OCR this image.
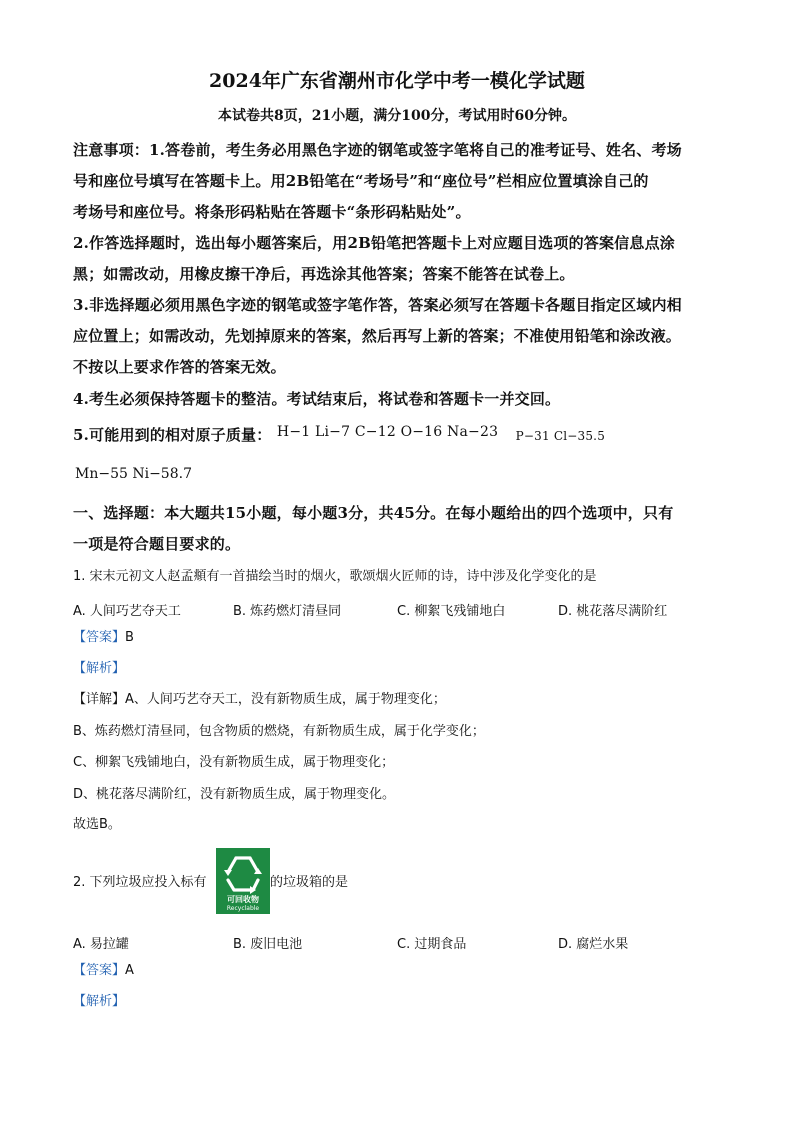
2024年广东省潮州市化学中考一模化学试题
本试卷共8页，21小题，满分100分，考试用时60分钟。
注意事项：1.答卷前，考生务必用黑色字迹的钢笔或签字笔将自己的准考证号、姓名、考场
号和座位号填写在答题卡上。用2B铅笔在“考场号”和“座位号”栏相应位置填涂自己的
考场号和座位号。将条形码粘贴在答题卡“条形码粘贴处”。
2.作答选择题时，选出每小题答案后，用2B铅笔把答题卡上对应题目选项的答案信息点涂
黑；如需改动，用橡皮擦干净后，再选涂其他答案；答案不能答在试卷上。
3.非选择题必须用黑色字迹的钢笔或签字笔作答，答案必须写在答题卡各题目指定区域内相
应位置上；如需改动，先划掉原来的答案，然后再写上新的答案；不准使用铅笔和涂改液。
不按以上要求作答的答案无效。
4.考生必须保持答题卡的整洁。考试结束后，将试卷和答题卡一并交回。
5.可能用到的相对原子质量： H−1 Li−7 C−12 O−16 Na−23 P−31 Cl−35.5
Mn−55 Ni−58.7
一、选择题：本大题共15小题，每小题3分，共45分。在每小题给出的四个选项中，只有
一项是符合题目要求的。
1. 宋末元初文人赵孟頫有一首描绘当时的烟火，歌颂烟火匠师的诗，诗中涉及化学变化的是
A. 人间巧艺夺天工	B. 炼药燃灯清昼同	C. 柳絮飞残铺地白	D. 桃花落尽满阶红
【答案】B
【解析】
【详解】A、人间巧艺夺天工，没有新物质生成，属于物理变化；
B、炼药燃灯清昼同，包含物质的燃烧，有新物质生成，属于化学变化；
C、柳絮飞残铺地白，没有新物质生成，属于物理变化；
D、桃花落尽满阶红，没有新物质生成，属于物理变化。
故选B。
2. 下列垃圾应投入标有
可回收物
Recyclable
的垃圾箱的是
A. 易拉罐	B. 废旧电池	C. 过期食品	D. 腐烂水果
【答案】A
【解析】
